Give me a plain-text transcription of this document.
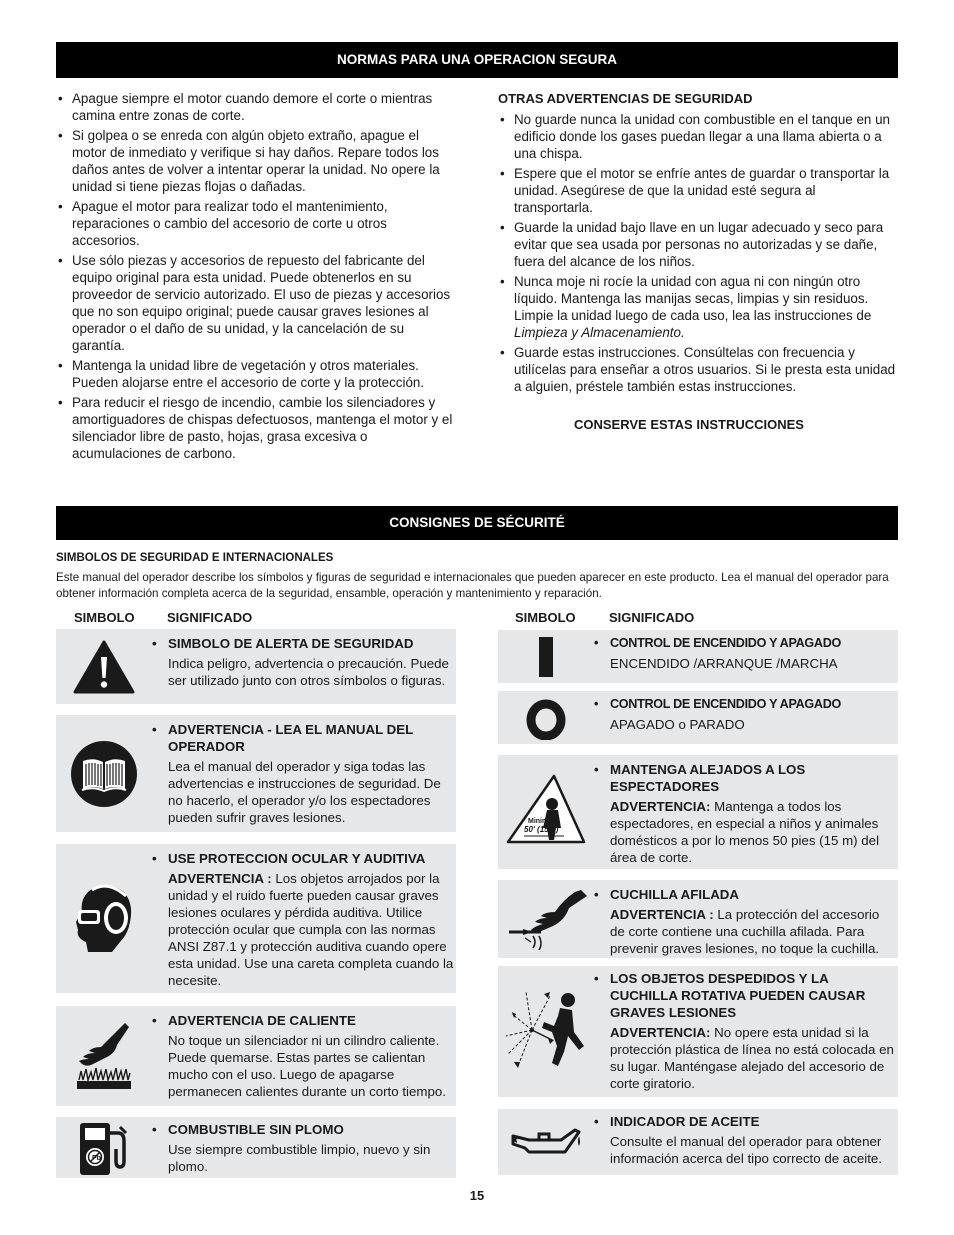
NORMAS PARA UNA OPERACION SEGURA
• Apague siempre el motor cuando demore el corte o mientras camina entre zonas de corte.
• Si golpea o se enreda con algún objeto extraño, apague el motor de inmediato y verifique si hay daños. Repare todos los daños antes de volver a intentar operar la unidad. No opere la unidad si tiene piezas flojas o dañadas.
• Apague el motor para realizar todo el mantenimiento, reparaciones o cambio del accesorio de corte u otros accesorios.
• Use sólo piezas y accesorios de repuesto del fabricante del equipo original para esta unidad. Puede obtenerlos en su proveedor de servicio autorizado. El uso de piezas y accesorios que no son equipo original; puede causar graves lesiones al operador o el daño de su unidad, y la cancelación de su garantía.
• Mantenga la unidad libre de vegetación y otros materiales. Pueden alojarse entre el accesorio de corte y la protección.
• Para reducir el riesgo de incendio, cambie los silenciadores y amortiguadores de chispas defectuosos, mantenga el motor y el silenciador libre de pasto, hojas, grasa excesiva o acumulaciones de carbono.
OTRAS ADVERTENCIAS DE SEGURIDAD
• No guarde nunca la unidad con combustible en el tanque en un edificio donde los gases puedan llegar a una llama abierta o a una chispa.
• Espere que el motor se enfríe antes de guardar o transportar la unidad. Asegúrese de que la unidad esté segura al transportarla.
• Guarde la unidad bajo llave en un lugar adecuado y seco para evitar que sea usada por personas no autorizadas y se dañe, fuera del alcance de los niños.
• Nunca moje ni rocíe la unidad con agua ni con ningún otro líquido. Mantenga las manijas secas, limpias y sin residuos. Limpie la unidad luego de cada uso, lea las instrucciones de Limpieza y Almacenamiento.
• Guarde estas instrucciones. Consúltelas con frecuencia y utilícelas para enseñar a otros usuarios. Si le presta esta unidad a alguien, préstele también estas instrucciones.
CONSERVE ESTAS INSTRUCCIONES
CONSIGNES DE SÉCURITÉ
SIMBOLOS DE SEGURIDAD E INTERNACIONALES
Este manual del operador describe los símbolos y figuras de seguridad e internacionales que pueden aparecer en este producto. Lea el manual del operador para obtener información completa acerca de la seguridad, ensamble, operación y mantenimiento y reparación.
SIMBOLO SIGNIFICADO	SIMBOLO	SIGNIFICADO
• SIMBOLO DE ALERTA DE SEGURIDAD
Indica peligro, advertencia o precaución. Puede ser utilizado junto con otros símbolos o figuras.
• ADVERTENCIA - LEA EL MANUAL DEL OPERADOR
Lea el manual del operador y siga todas las advertencias e instrucciones de seguridad. De no hacerlo, el operador y/o los espectadores pueden sufrir graves lesiones.
• USE PROTECCION OCULAR Y AUDITIVA
ADVERTENCIA : Los objetos arrojados por la unidad y el ruido fuerte pueden causar graves lesiones oculares y pérdida auditiva. Utilice protección ocular que cumpla con las normas ANSI Z87.1 y protección auditiva cuando opere esta unidad. Use una careta completa cuando la necesite.
• ADVERTENCIA DE CALIENTE
No toque un silenciador ni un cilindro caliente. Puede quemarse. Estas partes se calientan mucho con el uso. Luego de apagarse permanecen calientes durante un corto tiempo.
Pb
• COMBUSTIBLE SIN PLOMO
Use siempre combustible limpio, nuevo y sin plomo.
• CONTROL DE ENCENDIDO Y APAGADO
ENCENDIDO /ARRANQUE /MARCHA
• CONTROL DE ENCENDIDO Y APAGADO
APAGADO o PARADO
Minimum
50' (15m)
• MANTENGA ALEJADOS A LOS ESPECTADORES
ADVERTENCIA: Mantenga a todos los espectadores, en especial a niños y animales domésticos a por lo menos 50 pies (15 m) del área de corte.
• CUCHILLA AFILADA
ADVERTENCIA : La protección del accesorio de corte contiene una cuchilla afilada. Para prevenir graves lesiones, no toque la cuchilla.
• LOS OBJETOS DESPEDIDOS Y LA CUCHILLA ROTATIVA PUEDEN CAUSAR GRAVES LESIONES
ADVERTENCIA: No opere esta unidad si la protección plástica de línea no está colocada en su lugar. Manténgase alejado del accesorio de corte giratorio.
• INDICADOR DE ACEITE
Consulte el manual del operador para obtener información acerca del tipo correcto de aceite.
15
